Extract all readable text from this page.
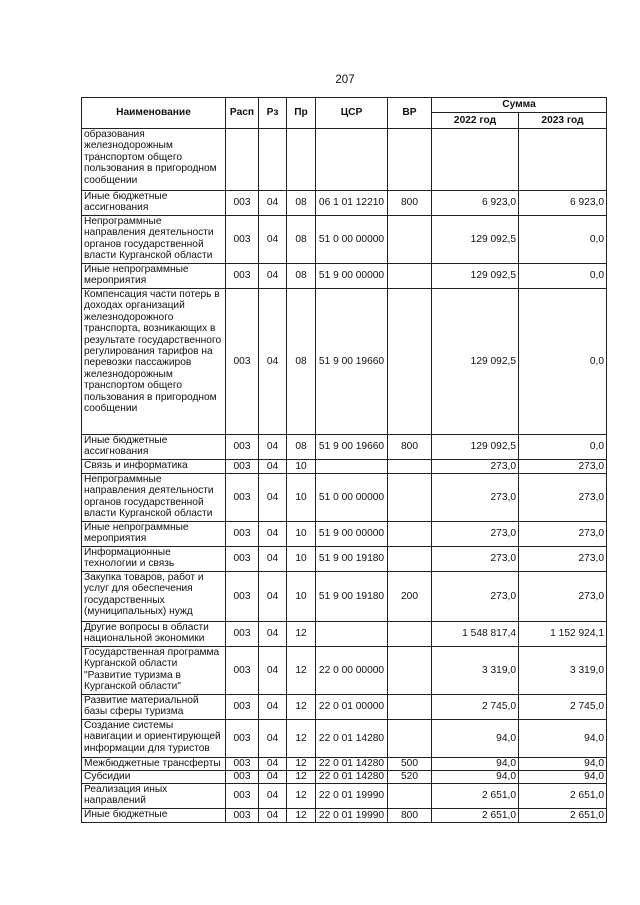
207
Наименование	Расп	Рз	Пр	ЦСР	ВР	Сумма	
						2022 год	2023 год
образования железнодорожным транспортом общего пользования в пригородном сообщении							
Иные бюджетные ассигнования	003	04	08	06 1 01 12210	800	6 923,0	6 923,0
Непрограммные направления деятельности органов государственной власти Курганской области	003	04	08	51 0 00 00000		129 092,5	0,0
Иные непрограммные мероприятия	003	04	08	51 9 00 00000		129 092,5	0,0
Компенсация части потерь в доходах организаций железнодорожного транспорта, возникающих в результате государственного регулирования тарифов на перевозки пассажиров железнодорожным транспортом общего пользования в пригородном сообщении	003	04	08	51 9 00 19660		129 092,5	0,0
Иные бюджетные ассигнования	003	04	08	51 9 00 19660	800	129 092,5	0,0
Связь и информатика	003	04	10			273,0	273,0
Непрограммные направления деятельности органов государственной власти Курганской области	003	04	10	51 0 00 00000		273,0	273,0
Иные непрограммные мероприятия	003	04	10	51 9 00 00000		273,0	273,0
Информационные технологии и связь	003	04	10	51 9 00 19180		273,0	273,0
Закупка товаров, работ и услуг для обеспечения государственных (муниципальных) нужд	003	04	10	51 9 00 19180	200	273,0	273,0
Другие вопросы в области национальной экономики	003	04	12			1 548 817,4	1 152 924,1
Государственная программа Курганской области "Развитие туризма в Курганской области"	003	04	12	22 0 00 00000		3 319,0	3 319,0
Развитие материальной базы сферы туризма	003	04	12	22 0 01 00000		2 745,0	2 745,0
Создание системы навигации и ориентирующей информации для туристов	003	04	12	22 0 01 14280		94,0	94,0
Межбюджетные трансферты	003	04	12	22 0 01 14280	500	94,0	94,0
Субсидии	003	04	12	22 0 01 14280	520	94,0	94,0
Реализация иных направлений	003	04	12	22 0 01 19990		2 651,0	2 651,0
Иные бюджетные	003	04	12	22 0 01 19990	800	2 651,0	2 651,0
